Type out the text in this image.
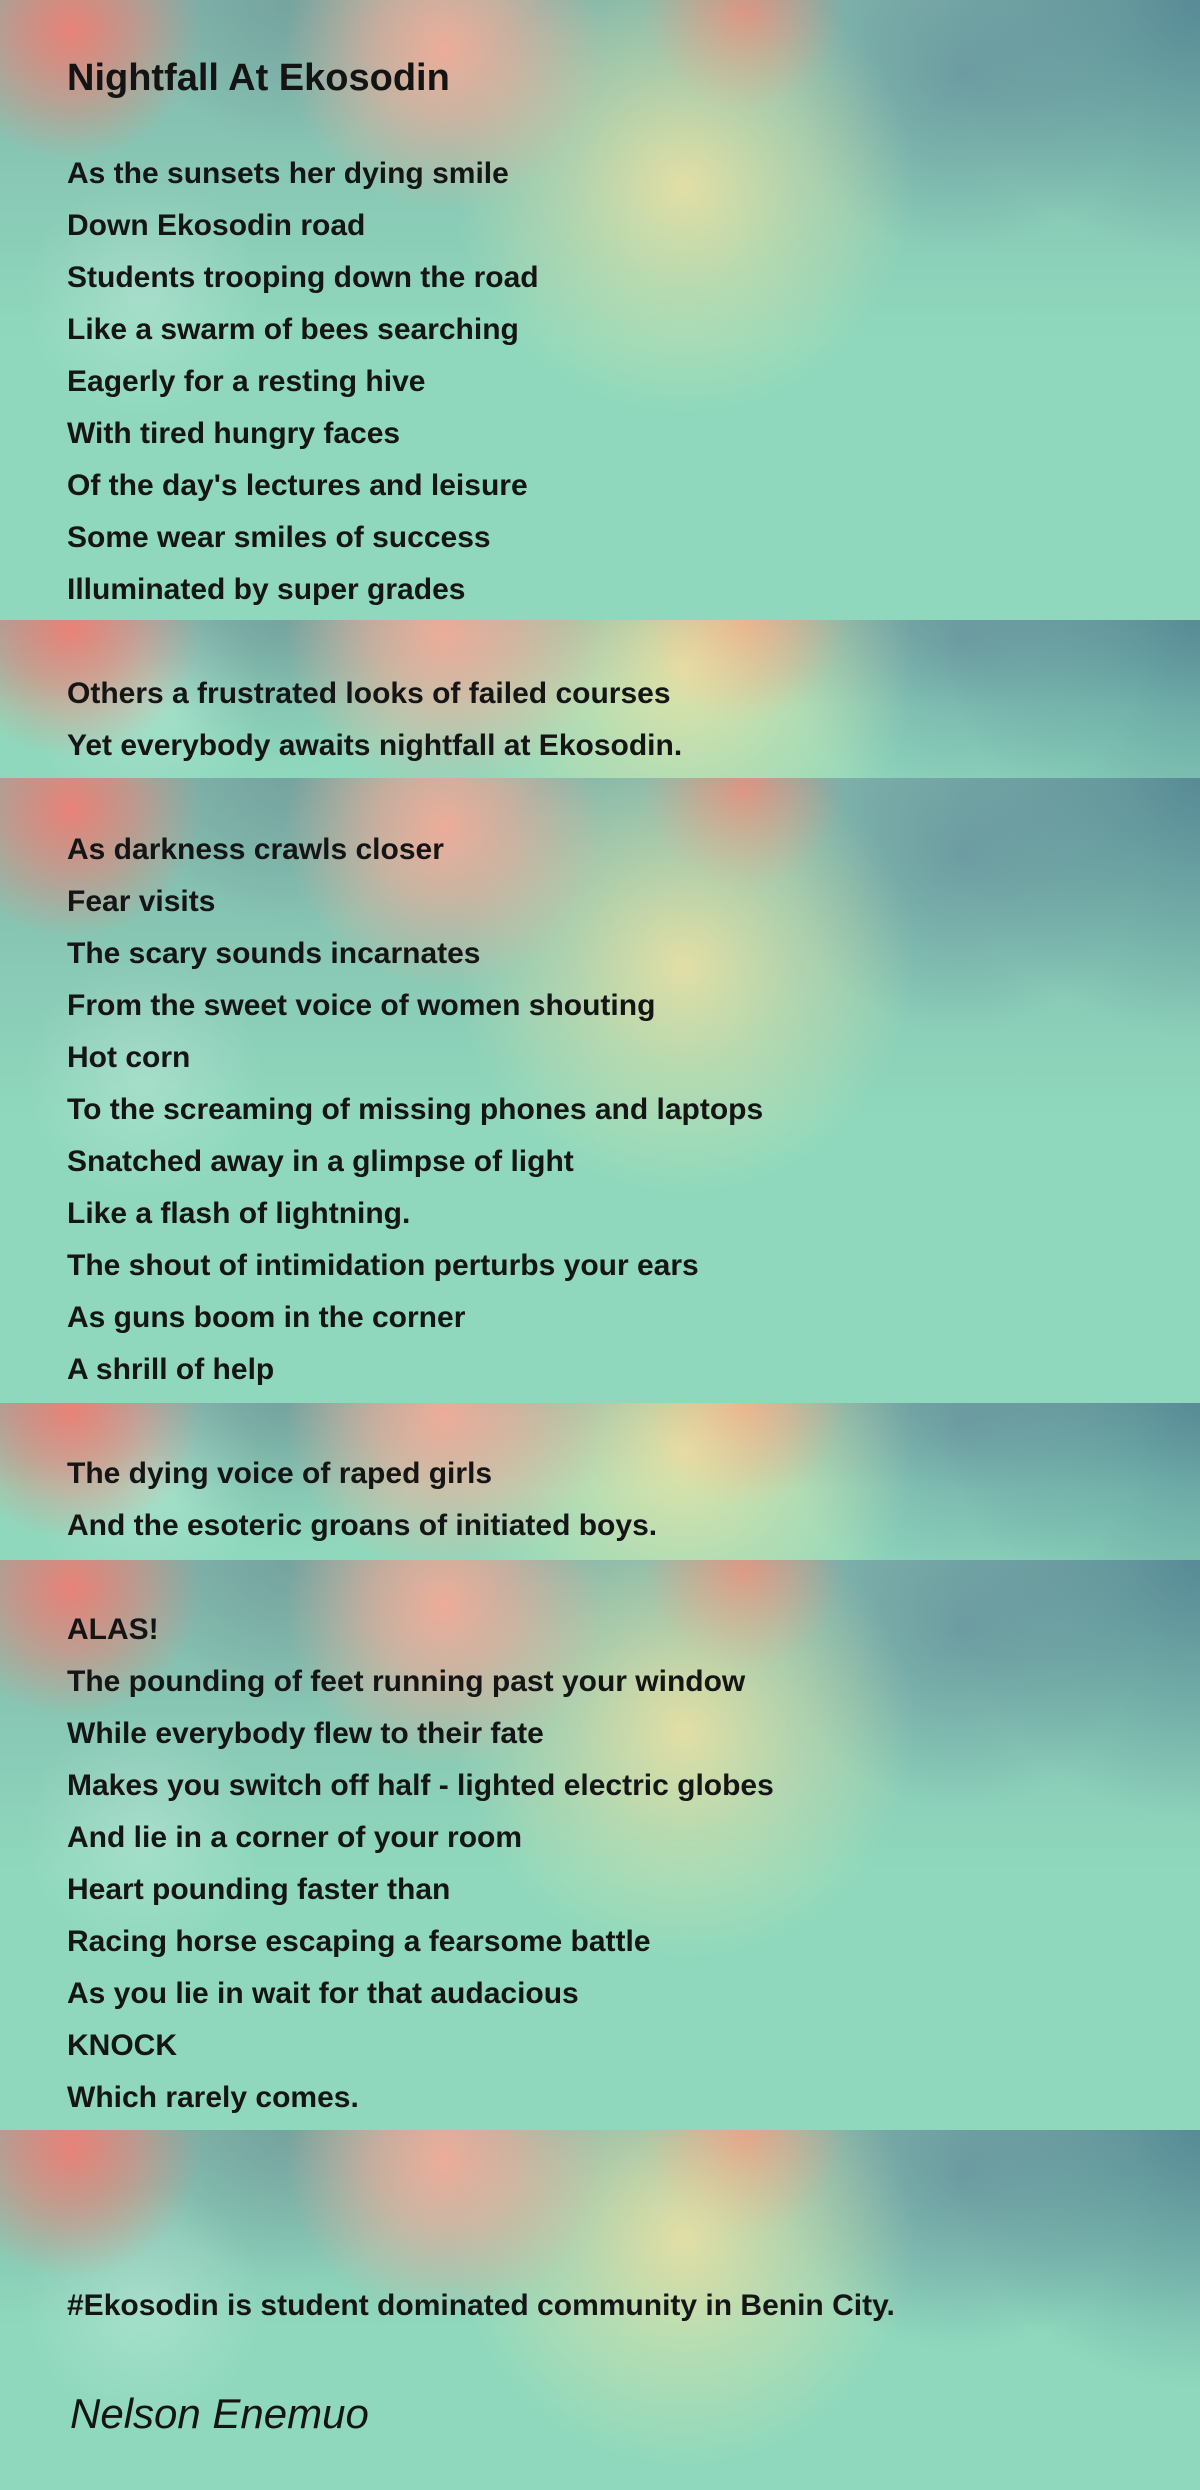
Nightfall At Ekosodin
As the sunsets her dying smile
Down Ekosodin road
Students trooping down the road
Like a swarm of bees searching
Eagerly for a resting hive
With tired hungry faces
Of the day's lectures and leisure
Some wear smiles of success
Illuminated by super grades
Others a frustrated looks of failed courses
Yet everybody awaits nightfall at Ekosodin.
As darkness crawls closer
Fear visits
The scary sounds incarnates
From the sweet voice of women shouting
Hot corn
To the screaming of missing phones and laptops
Snatched away in a glimpse of light
Like a flash of lightning.
The shout of intimidation perturbs your ears
As guns boom in the corner
A shrill of help
The dying voice of raped girls
And the esoteric groans of initiated boys.
ALAS!
The pounding of feet running past your window
While everybody flew to their fate
Makes you switch off half - lighted electric globes
And lie in a corner of your room
Heart pounding faster than
Racing horse escaping a fearsome battle
As you lie in wait for that audacious
KNOCK
Which rarely comes.
#Ekosodin is student dominated community in Benin City.
Nelson Enemuo
